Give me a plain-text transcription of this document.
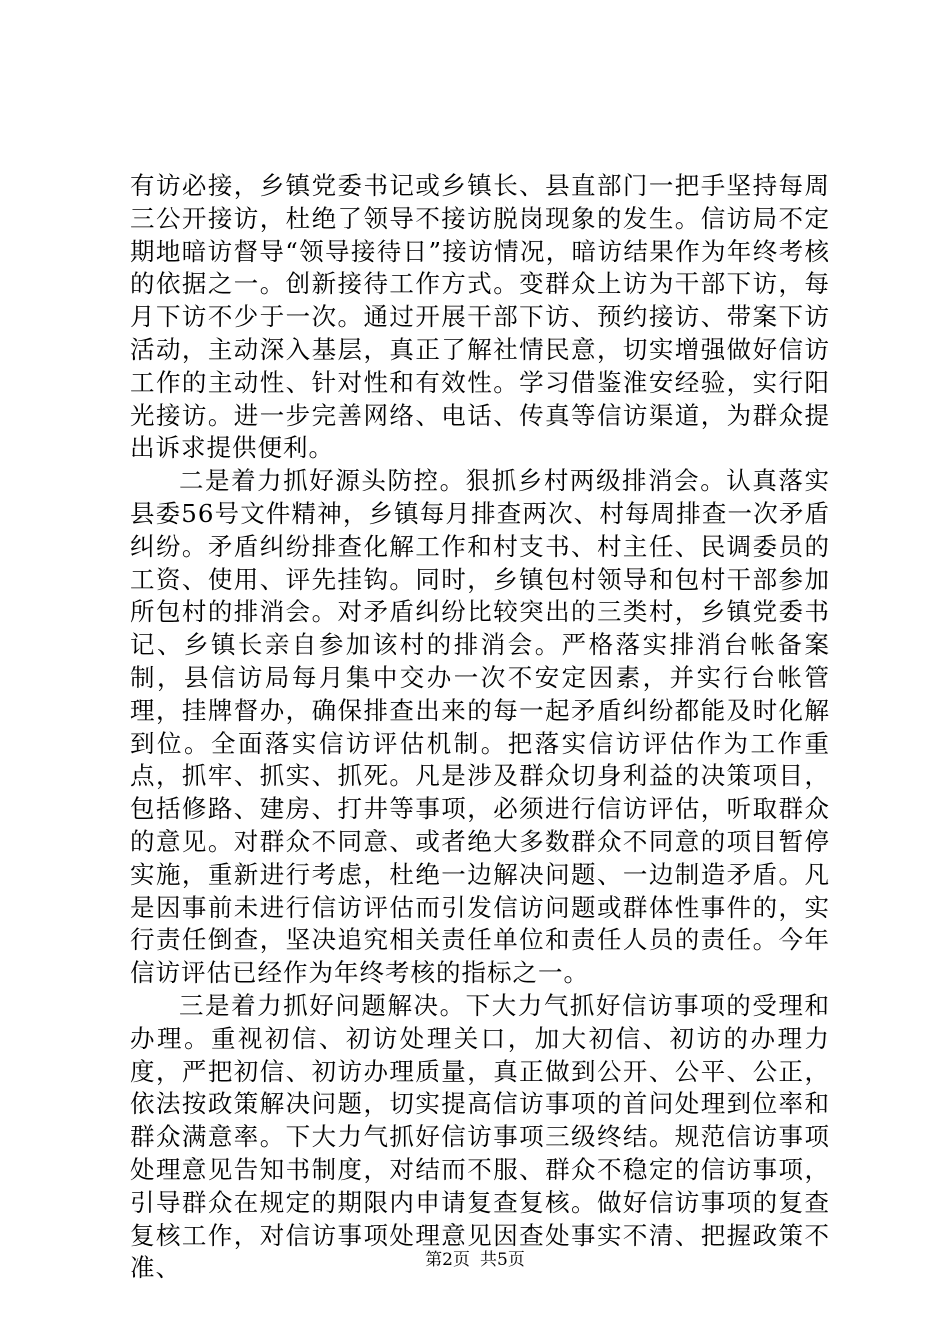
有访必接，乡镇党委书记或乡镇长、县直部门一把手坚持每周三公开接访，杜绝了领导不接访脱岗现象的发生。信访局不定期地暗访督导“领导接待日”接访情况，暗访结果作为年终考核的依据之一。创新接待工作方式。变群众上访为干部下访，每月下访不少于一次。通过开展干部下访、预约接访、带案下访活动，主动深入基层，真正了解社情民意，切实增强做好信访工作的主动性、针对性和有效性。学习借鉴淮安经验，实行阳光接访。进一步完善网络、电话、传真等信访渠道，为群众提出诉求提供便利。

二是着力抓好源头防控。狠抓乡村两级排消会。认真落实县委56号文件精神，乡镇每月排查两次、村每周排查一次矛盾纠纷。矛盾纠纷排查化解工作和村支书、村主任、民调委员的工资、使用、评先挂钩。同时，乡镇包村领导和包村干部参加所包村的排消会。对矛盾纠纷比较突出的三类村，乡镇党委书记、乡镇长亲自参加该村的排消会。严格落实排消台帐备案制，县信访局每月集中交办一次不安定因素，并实行台帐管理，挂牌督办，确保排查出来的每一起矛盾纠纷都能及时化解到位。全面落实信访评估机制。把落实信访评估作为工作重点，抓牢、抓实、抓死。凡是涉及群众切身利益的决策项目，包括修路、建房、打井等事项，必须进行信访评估，听取群众的意见。对群众不同意、或者绝大多数群众不同意的项目暂停实施，重新进行考虑，杜绝一边解决问题、一边制造矛盾。凡是因事前未进行信访评估而引发信访问题或群体性事件的，实行责任倒查，坚决追究相关责任单位和责任人员的责任。今年信访评估已经作为年终考核的指标之一。

三是着力抓好问题解决。下大力气抓好信访事项的受理和办理。重视初信、初访处理关口，加大初信、初访的办理力度，严把初信、初访办理质量，真正做到公开、公平、公正，依法按政策解决问题，切实提高信访事项的首问处理到位率和群众满意率。下大力气抓好信访事项三级终结。规范信访事项处理意见告知书制度，对结而不服、群众不稳定的信访事项，引导群众在规定的期限内申请复查复核。做好信访事项的复查复核工作，对信访事项处理意见因查处事实不清、把握政策不准、	第2页 共5页
